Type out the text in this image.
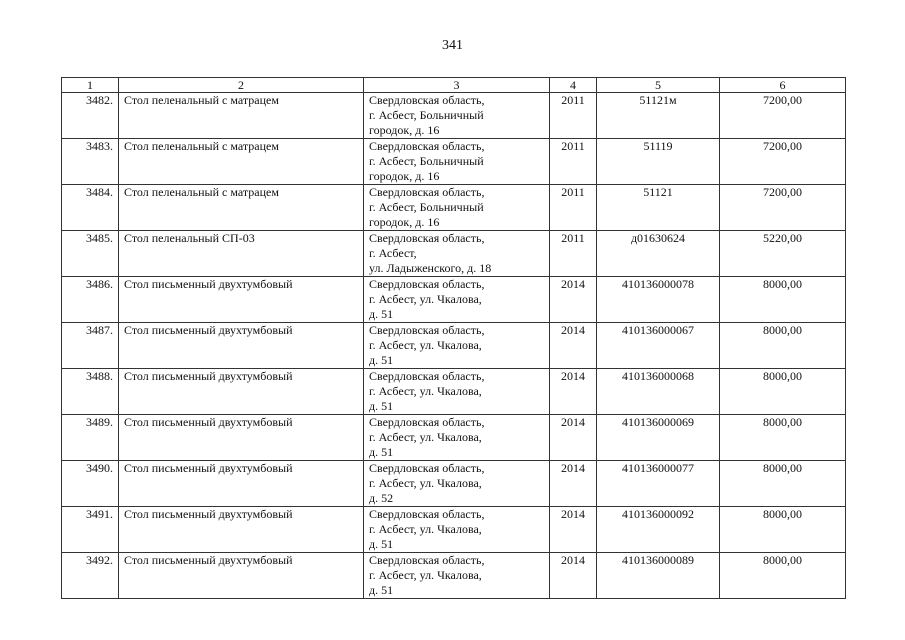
341
1	2	3	4	5	6
3482.	Стол пеленальный с матрацем	Свердловская область,
г. Асбест, Больничный
городок, д. 16	2011	51121м	7200,00
3483.	Стол пеленальный с матрацем	Свердловская область,
г. Асбест, Больничный
городок, д. 16	2011	51119	7200,00
3484.	Стол пеленальный с матрацем	Свердловская область,
г. Асбест, Больничный
городок, д. 16	2011	51121	7200,00
3485.	Стол пеленальный СП-03	Свердловская область,
г. Асбест,
ул. Ладыженского, д. 18	2011	д01630624	5220,00
3486.	Стол письменный двухтумбовый	Свердловская область,
г. Асбест, ул. Чкалова,
д. 51	2014	410136000078	8000,00
3487.	Стол письменный двухтумбовый	Свердловская область,
г. Асбест, ул. Чкалова,
д. 51	2014	410136000067	8000,00
3488.	Стол письменный двухтумбовый	Свердловская область,
г. Асбест, ул. Чкалова,
д. 51	2014	410136000068	8000,00
3489.	Стол письменный двухтумбовый	Свердловская область,
г. Асбест, ул. Чкалова,
д. 51	2014	410136000069	8000,00
3490.	Стол письменный двухтумбовый	Свердловская область,
г. Асбест, ул. Чкалова,
д. 52	2014	410136000077	8000,00
3491.	Стол письменный двухтумбовый	Свердловская область,
г. Асбест, ул. Чкалова,
д. 51	2014	410136000092	8000,00
3492.	Стол письменный двухтумбовый	Свердловская область,
г. Асбест, ул. Чкалова,
д. 51	2014	410136000089	8000,00
